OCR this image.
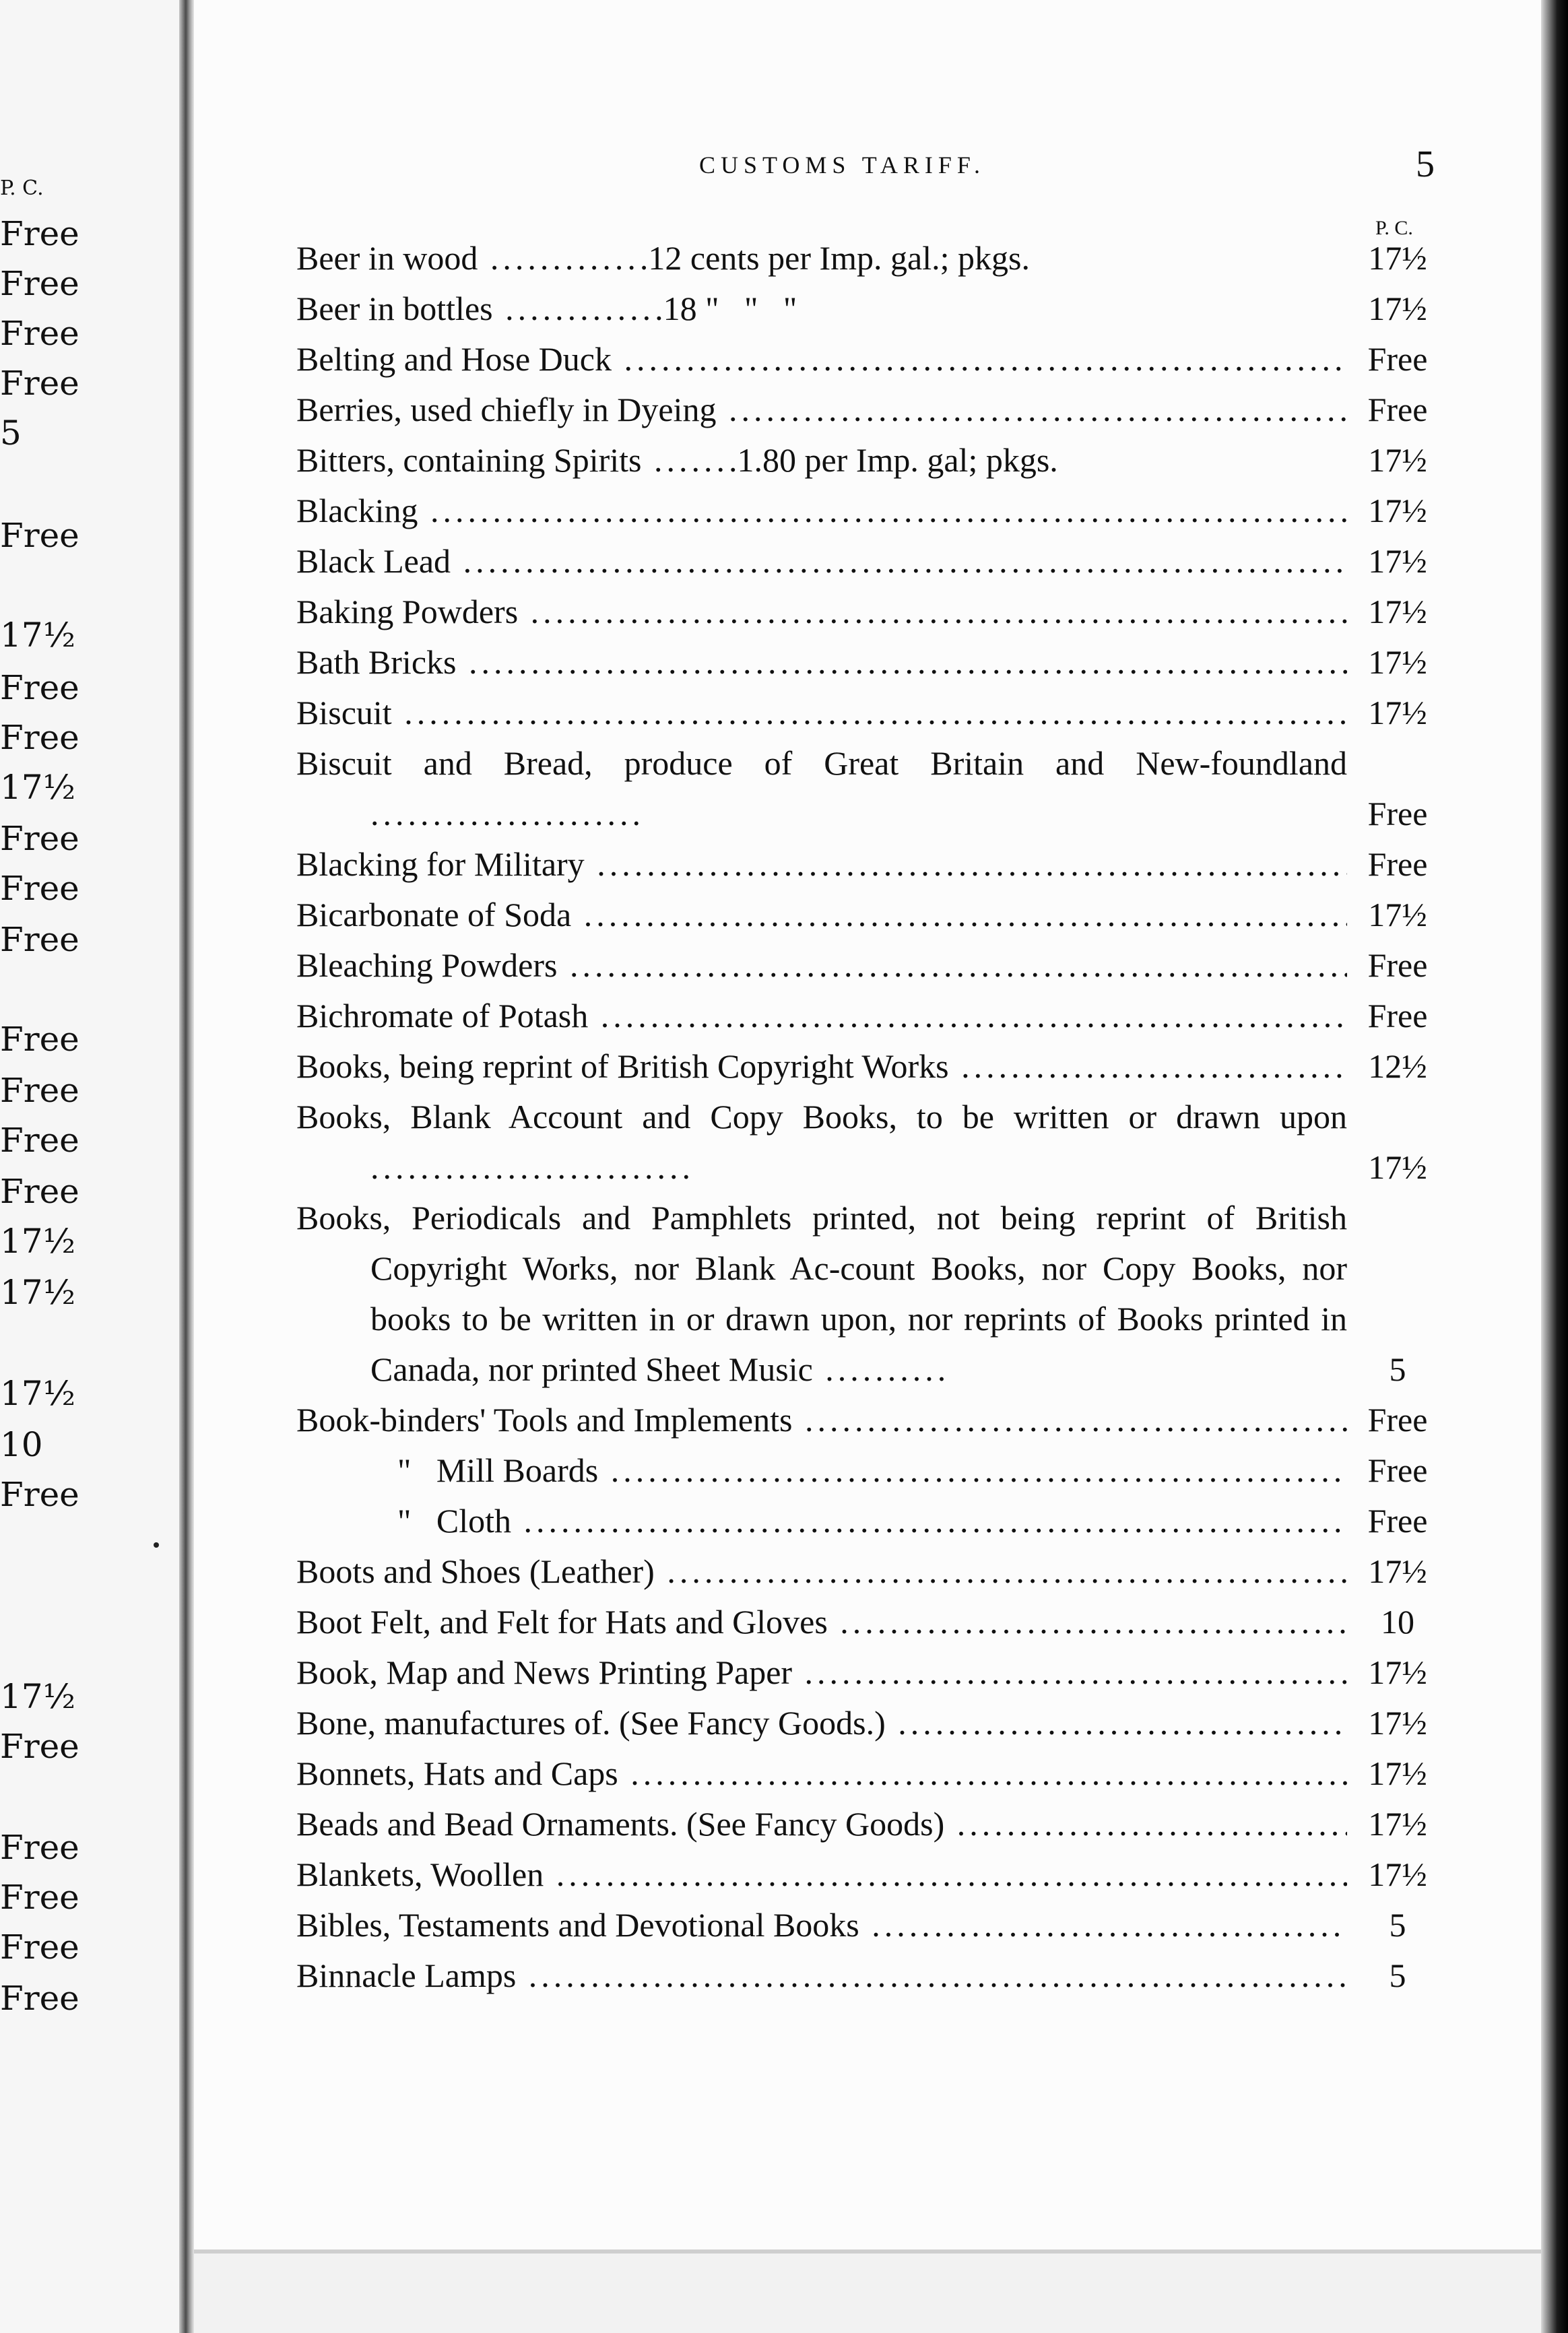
P. C.
Free
Free
Free
Free
5
Free
17½
Free
Free
17½
Free
Free
Free
Free
Free
Free
Free
17½
17½
17½
10
Free
17½
Free
Free
Free
Free
Free
CUSTOMS TARIFF.	5
P. C.
Beer in wood .............12 cents per Imp. gal.; pkgs.	17½
Beer in bottles .............18 "   "   "	17½
Belting and Hose Duck .....	Free
Berries, used chiefly in Dyeing .....	Free
Bitters, containing Spirits .......1.80 per Imp. gal; pkgs.	17½
Blacking .....	17½
Black Lead .....	17½
Baking Powders .....	17½
Bath Bricks .....	17½
Biscuit .....	17½
Biscuit and Bread, produce of Great Britain and New-foundland ......................	Free
Blacking for Military .....	Free
Bicarbonate of Soda .....	17½
Bleaching Powders .....	Free
Bichromate of Potash .....	Free
Books, being reprint of British Copyright Works .....	12½
Books, Blank Account and Copy Books, to be written or drawn upon ..........................	17½
Books, Periodicals and Pamphlets printed, not being reprint of British Copyright Works, nor Blank Ac-count Books, nor Copy Books, nor books to be written in or drawn upon, nor reprints of Books printed in Canada, nor printed Sheet Music ..........	5
Book-binders' Tools and Implements .....	Free
"   Mill Boards .....	Free
"   Cloth .....	Free
Boots and Shoes (Leather) .....	17½
Boot Felt, and Felt for Hats and Gloves .....	10
Book, Map and News Printing Paper .....	17½
Bone, manufactures of. (See Fancy Goods.) .....	17½
Bonnets, Hats and Caps .....	17½
Beads and Bead Ornaments. (See Fancy Goods) .....	17½
Blankets, Woollen .....	17½
Bibles, Testaments and Devotional Books .....	5
Binnacle Lamps .....	5
